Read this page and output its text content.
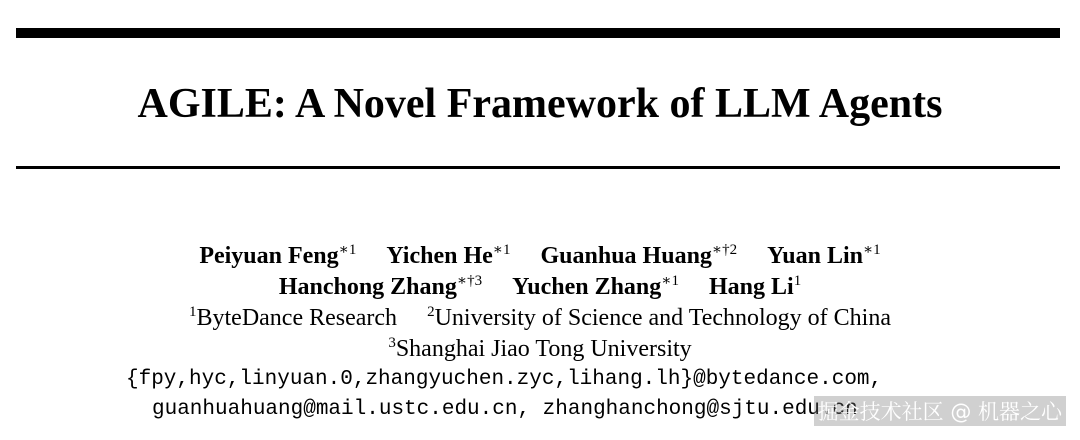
AGILE: A Novel Framework of LLM Agents
Peiyuan Feng$^{∗1}$ Yichen $He^{∗1}$ Guanhua Huang$^{∗\dagger 2}$ Yuan Lin$^{∗1}$
Hanchong Zhang$^{∗\dagger 3}$ Yuchen Zhang$^{∗1}$ Hang Li$^1$
$^1$ByteDance Research $^2$University of Science and Technology of China
$^3$Shanghai Jiao Tong University
{fpy,hyc,linyuan.0,zhangyuchen.zyc,lihang.lh}@bytedance.com,
guanhuahuang@mail.ustc.edu.cn, zhanghanchong@sjtu.edu.cn
掘金技术社区 @ 机器之心
